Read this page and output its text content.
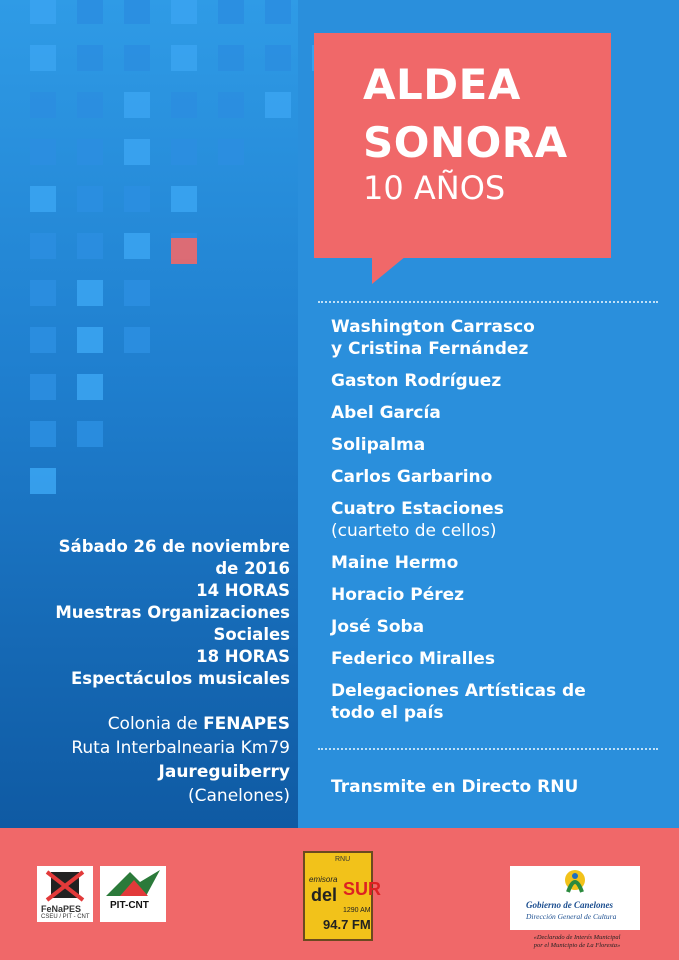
ALDEA
SONORA
10 AÑOS
Washington Carrasco
y Cristina Fernández
Gaston Rodríguez
Abel García
Solipalma
Carlos Garbarino
Cuatro Estaciones
(cuarteto de cellos)
Maine Hermo
Horacio Pérez
José Soba
Federico Miralles
Delegaciones Artísticas de
todo el país
Transmite en Directo RNU
Sábado 26 de noviembre
de 2016
14 HORAS
Muestras Organizaciones
Sociales
18 HORAS
Espectáculos musicales
Colonia de FENAPES
Ruta Interbalnearia Km79
Jaureguiberry
(Canelones)
FeNaPES
CSEU / PIT - CNT
PIT-CNT
RNU
emisora
del SUR
1290 AM
94.7 FM
Gobierno de Canelones
Dirección General de Cultura
«Declarado de Interés Municipal
por el Municipio de La Floresta»
